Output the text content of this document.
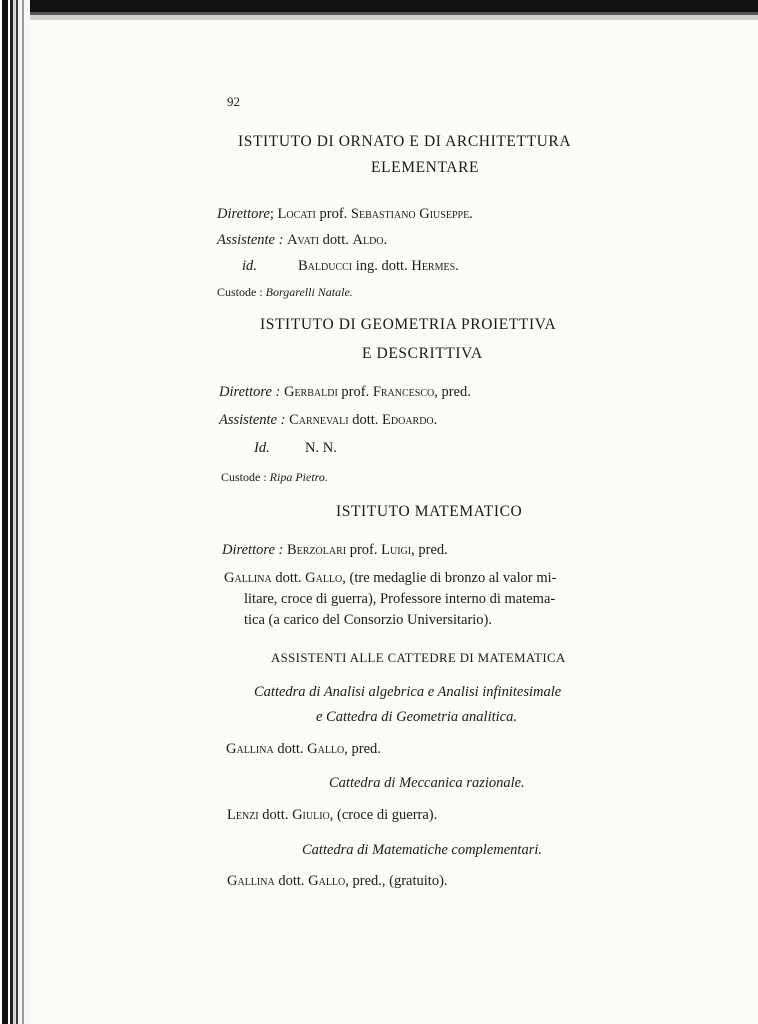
92
ISTITUTO DI ORNATO E DI ARCHITETTURA
ELEMENTARE
Direttore; Locati prof. Sebastiano Giuseppe.
Assistente : Avati dott. Aldo.
id.	Balducci ing. dott. Hermes.
Custode : Borgarelli Natale.
ISTITUTO DI GEOMETRIA PROIETTIVA
E DESCRITTIVA
Direttore : Gerbaldi prof. Francesco, pred.
Assistente : Carnevali dott. Edoardo.
Id. N. N.
Custode : Ripa Pietro.
ISTITUTO MATEMATICO
Direttore : Berzolari prof. Luigi, pred.
Gallina dott. Gallo, (tre medaglie di bronzo al valor mi-
litare, croce di guerra), Professore interno di matema-
tica (a carico del Consorzio Universitario).
ASSISTENTI ALLE CATTEDRE DI MATEMATICA
Cattedra di Analisi algebrica e Analisi infinitesimale
e Cattedra di Geometria analitica.
Gallina dott. Gallo, pred.
Cattedra di Meccanica razionale.
Lenzi dott. Giulio, (croce di guerra).
Cattedra di Matematiche complementari.
Gallina dott. Gallo, pred., (gratuito).
